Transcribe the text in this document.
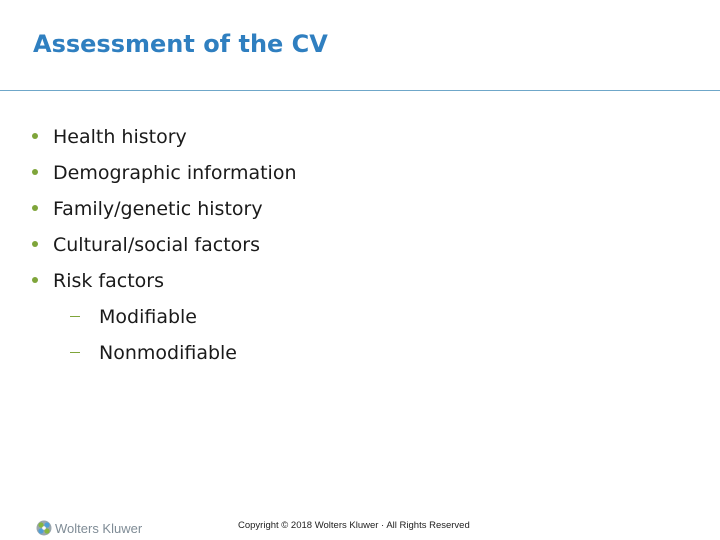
Assessment of the CV
Health history
Demographic information
Family/genetic history
Cultural/social factors
Risk factors
Modifiable
Nonmodifiable
Wolters Kluwer	Copyright © 2018 Wolters Kluwer · All Rights Reserved
